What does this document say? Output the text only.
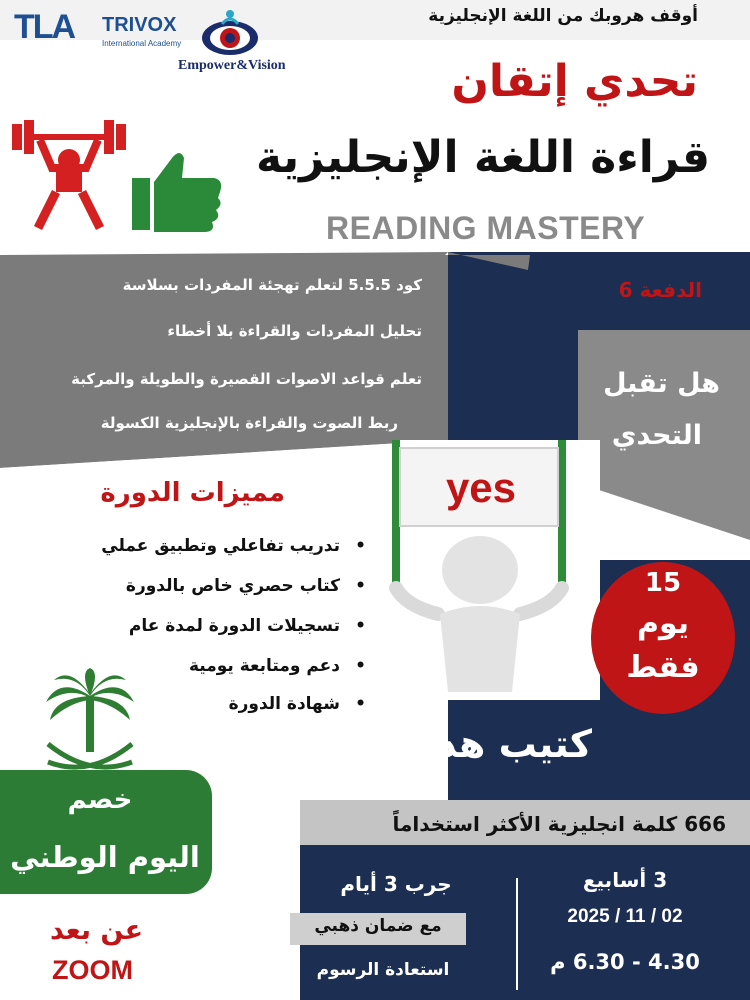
أوقف هروبك من اللغة الإنجليزية
TLA TRIVOX
International Academy
Empower&Vision	تحدي إتقان
قراءة اللغة الإنجليزية
READING MASTERY
كود 5.5.5 لتعلم تهجئة المفردات بسلاسة
تحليل المفردات والقراءة بلا أخطاء
تعلم قواعد الاصوات القصيرة والطويلة والمركبة
ربط الصوت والقراءة بالإنجليزية الكسولة
الدفعة 6
هل تقبل
التحدي
yes
مميزات الدورة
تدريب تفاعلي وتطبيق عملي •
كتاب حصري خاص بالدورة •
تسجيلات الدورة لمدة عام •
دعم ومتابعة يومية •
شهادة الدورة •
15
يوم
فقط
كتيب هدية
666 كلمة انجليزية الأكثر استخداماً
خصم
اليوم الوطني
عن بعد
ZOOM
جرب 3 أيام
مع ضمان ذهبي
استعادة الرسوم
3 أسابيع
2025 / 11 / 02
4.30 - 6.30 م
